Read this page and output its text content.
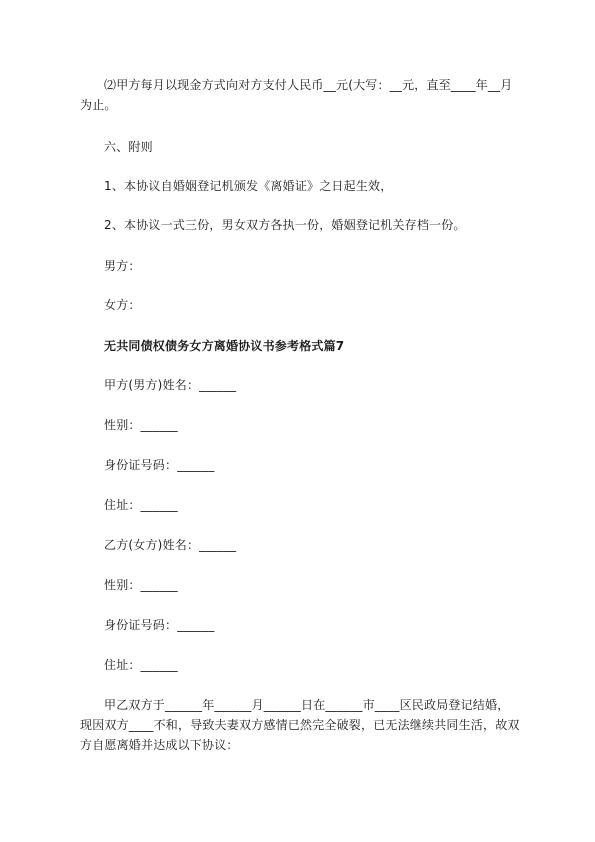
⑵甲方每月以现金方式向对方支付人民币__元(大写：__元，直至____年__月为止。

六、附则

1、本协议自婚姻登记机颁发《离婚证》之日起生效，

2、本协议一式三份，男女双方各执一份，婚姻登记机关存档一份。

男方：

女方：

无共同债权债务女方离婚协议书参考格式篇7

甲方(男方)姓名：______

性别：______

身份证号码：______

住址：______

乙方(女方)姓名：______

性别：______

身份证号码：______

住址：______

甲乙双方于______年______月______日在______市____区民政局登记结婚，现因双方____不和，导致夫妻双方感情已然完全破裂，已无法继续共同生活，故双方自愿离婚并达成以下协议：
